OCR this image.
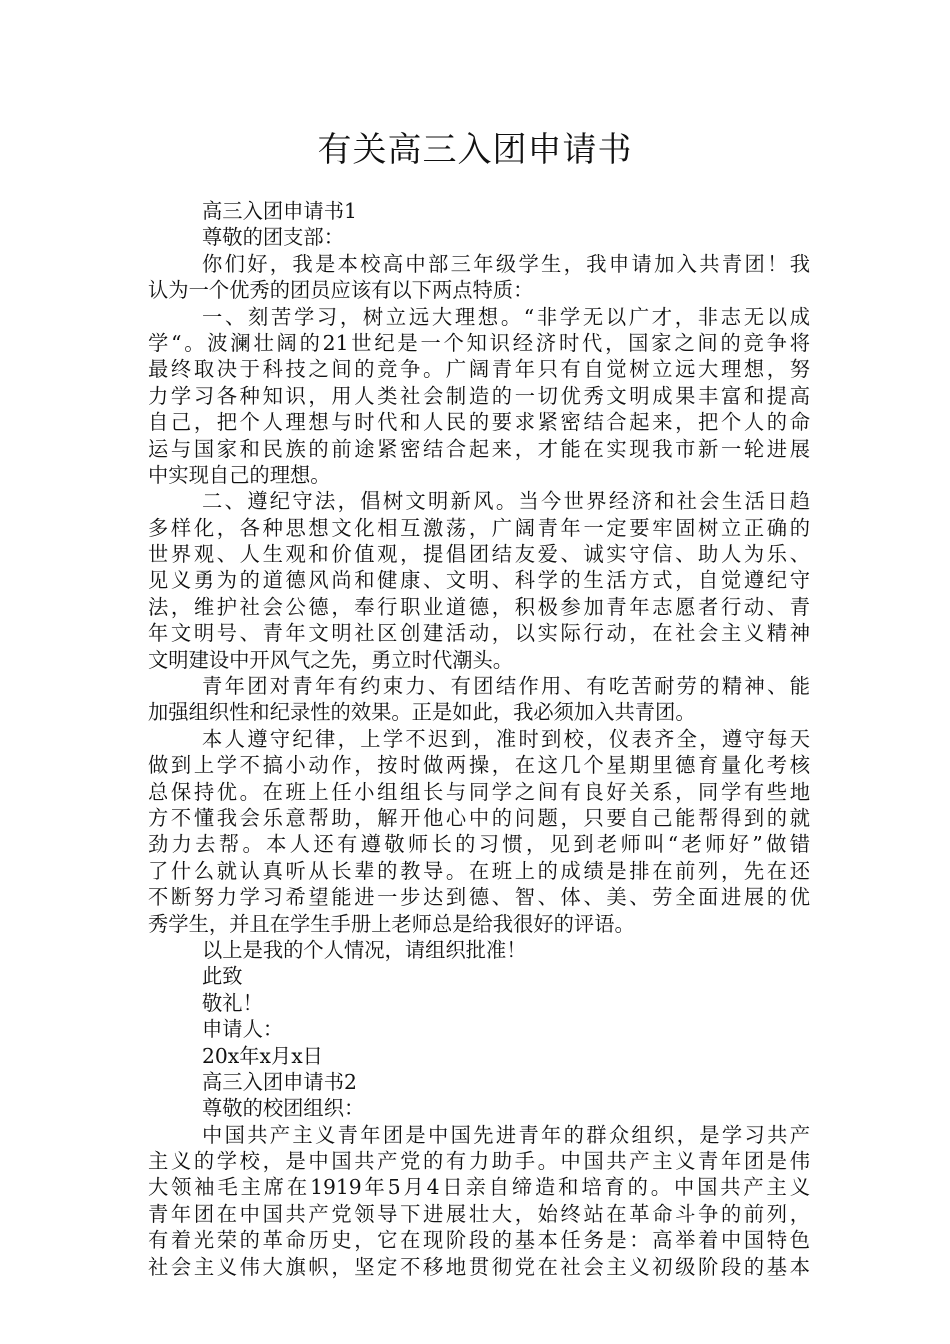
有关高三入团申请书
高三入团申请书1
尊敬的团支部：
你们好，我是本校高中部三年级学生，我申请加入共青团！我
认为一个优秀的团员应该有以下两点特质：
一、刻苦学习，树立远大理想。“非学无以广才，非志无以成
学“。波澜壮阔的21世纪是一个知识经济时代，国家之间的竞争将
最终取决于科技之间的竞争。广阔青年只有自觉树立远大理想，努
力学习各种知识，用人类社会制造的一切优秀文明成果丰富和提高
自己，把个人理想与时代和人民的要求紧密结合起来，把个人的命
运与国家和民族的前途紧密结合起来，才能在实现我市新一轮进展
中实现自己的理想。
二、遵纪守法，倡树文明新风。当今世界经济和社会生活日趋
多样化，各种思想文化相互激荡，广阔青年一定要牢固树立正确的
世界观、人生观和价值观，提倡团结友爱、诚实守信、助人为乐、
见义勇为的道德风尚和健康、文明、科学的生活方式，自觉遵纪守
法，维护社会公德，奉行职业道德，积极参加青年志愿者行动、青
年文明号、青年文明社区创建活动，以实际行动，在社会主义精神
文明建设中开风气之先，勇立时代潮头。
青年团对青年有约束力、有团结作用、有吃苦耐劳的精神、能
加强组织性和纪录性的效果。正是如此，我必须加入共青团。
本人遵守纪律，上学不迟到，准时到校，仪表齐全，遵守每天
做到上学不搞小动作，按时做两操，在这几个星期里德育量化考核
总保持优。在班上任小组组长与同学之间有良好关系，同学有些地
方不懂我会乐意帮助，解开他心中的问题，只要自己能帮得到的就
劲力去帮。本人还有遵敬师长的习惯，见到老师叫“老师好”做错
了什么就认真听从长辈的教导。在班上的成绩是排在前列，先在还
不断努力学习希望能进一步达到德、智、体、美、劳全面进展的优
秀学生，并且在学生手册上老师总是给我很好的评语。
以上是我的个人情况，请组织批准！
此致
敬礼！
申请人：
20x年x月x日
高三入团申请书2
尊敬的校团组织：
中国共产主义青年团是中国先进青年的群众组织，是学习共产
主义的学校，是中国共产党的有力助手。中国共产主义青年团是伟
大领袖毛主席在1919年5月4日亲自缔造和培育的。中国共产主义
青年团在中国共产党领导下进展壮大，始终站在革命斗争的前列，
有着光荣的革命历史，它在现阶段的基本任务是：高举着中国特色
社会主义伟大旗帜，坚定不移地贯彻党在社会主义初级阶段的基本
